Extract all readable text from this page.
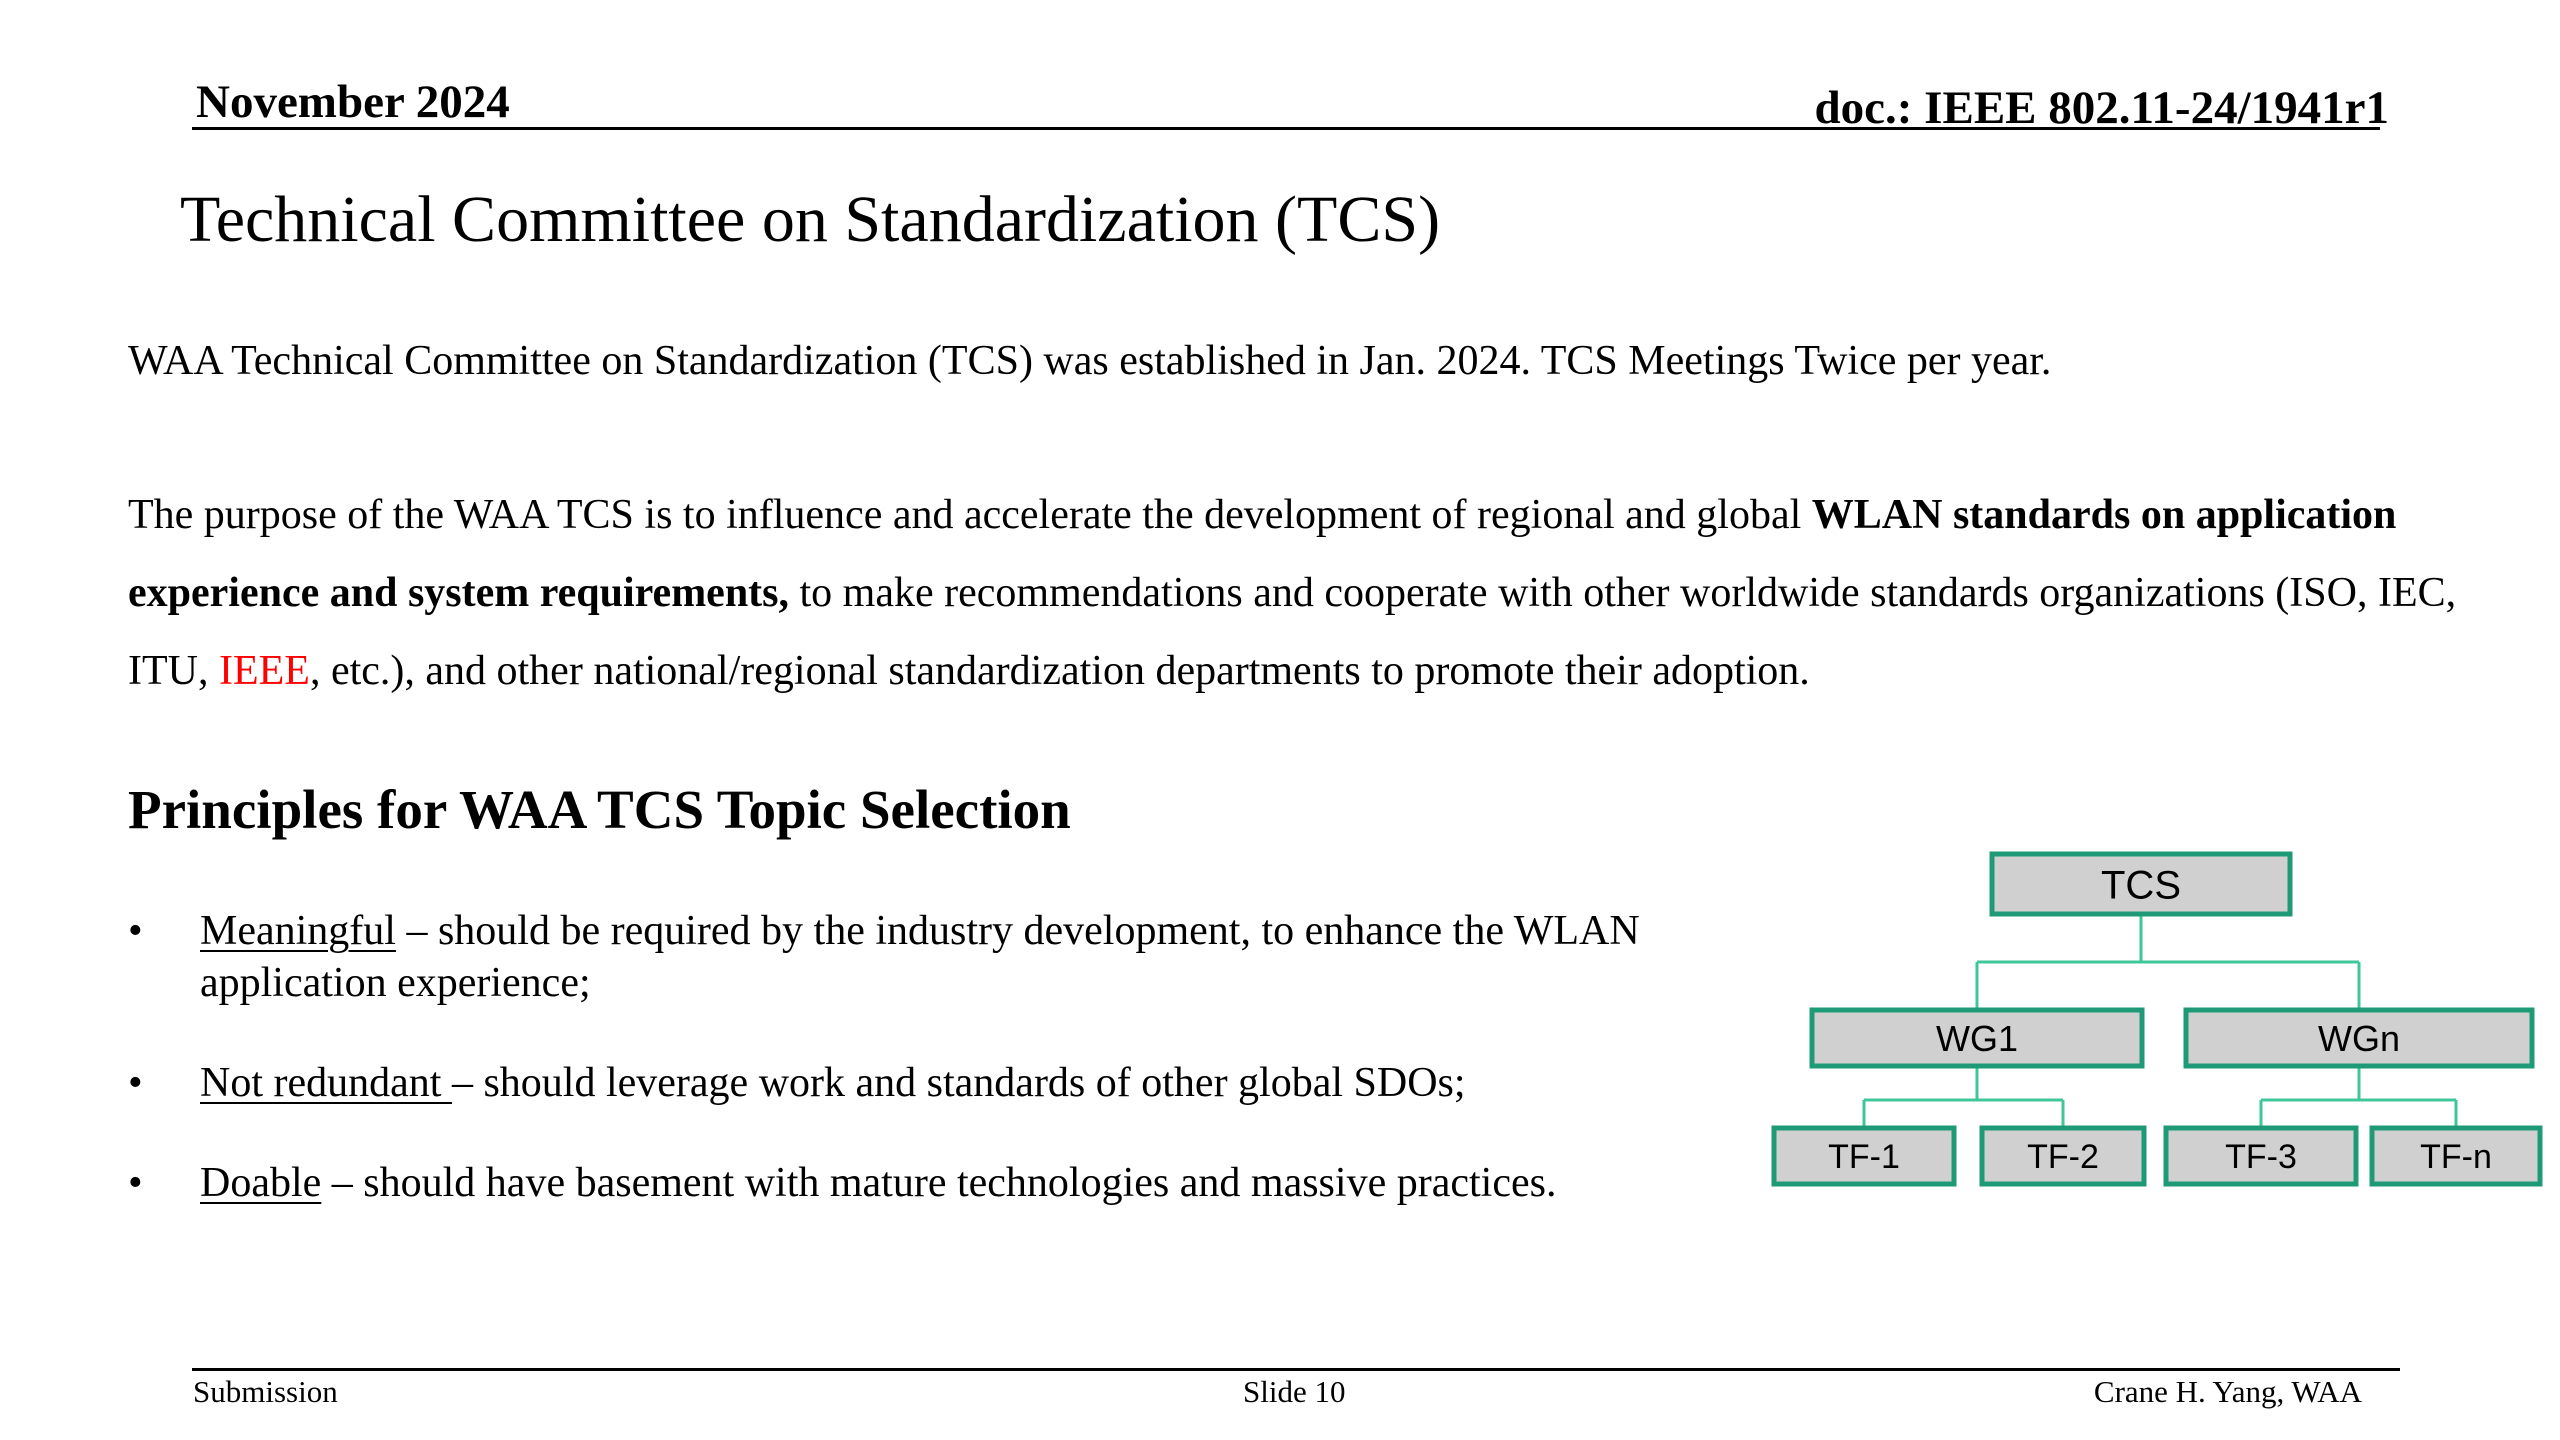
November 2024	doc.: IEEE 802.11-24/1941r1
Technical Committee on Standardization (TCS)
WAA Technical Committee on Standardization (TCS) was established in Jan. 2024. TCS Meetings Twice per year.
The purpose of the WAA TCS is to influence and accelerate the development of regional and global WLAN standards on application experience and system requirements, to make recommendations and cooperate with other worldwide standards organizations (ISO, IEC, ITU, IEEE, etc.), and other national/regional standardization departments to promote their adoption.
Principles for WAA TCS Topic Selection
• Meaningful – should be required by the industry development, to enhance the WLAN application experience;
• Not redundant – should leverage work and standards of other global SDOs;
• Doable – should have basement with mature technologies and massive practices.
TCS
WG1
TF-1	TF-2
WGn
TF-3	TF-n
Submission	Slide 10	Crane H. Yang, WAA
